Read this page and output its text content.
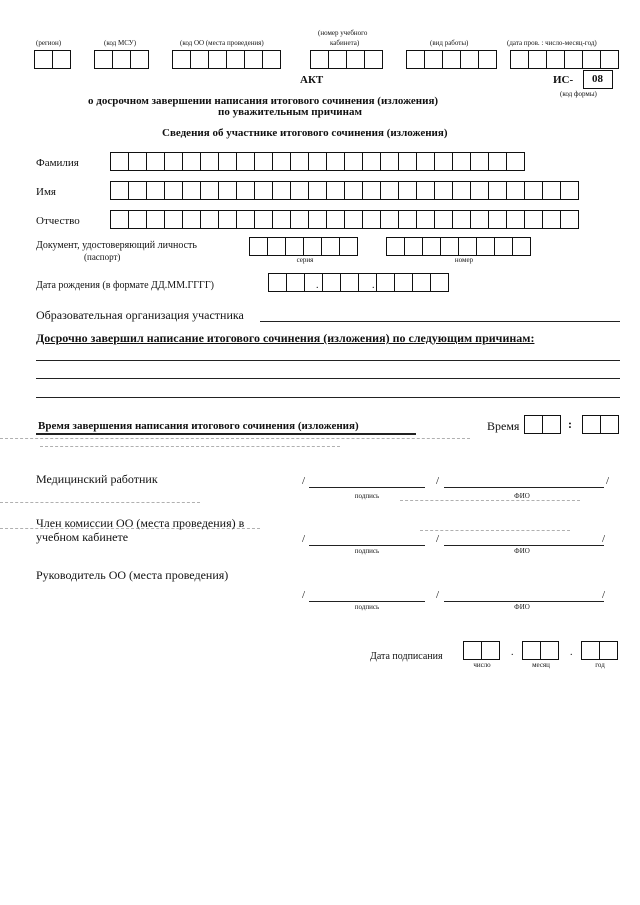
(регион)	(код МСУ)	(код ОО (места проведения)
(номер учебного
кабинета)	(вид работы)	(дата пров. : число-месяц-год)
АКТ	ИС- 08
(код формы)
о досрочном завершении написания итогового сочинения (изложения)
по уважительным причинам
Сведения об участнике итогового сочинения (изложения)
Фамилия
Имя
Отчество
Документ, удостоверяющий личность
(паспорт)	серия	номер
Дата рождения (в формате ДД.ММ.ГГГГ)	.	.
Образовательная организация участника
Досрочно завершил написание итогового сочинения (изложения) по следующим причинам:
Время завершения написания итогового сочинения (изложения)	Время	:
Медицинский работник	/	/	/
подпись	ФИО
Член комиссии ОО (места проведения) в
учебном кабинете	/	/	/
подпись	ФИО
Руководитель ОО (места проведения)
/	/	/
подпись	ФИО
Дата подписания	.	.
число	месяц	год
